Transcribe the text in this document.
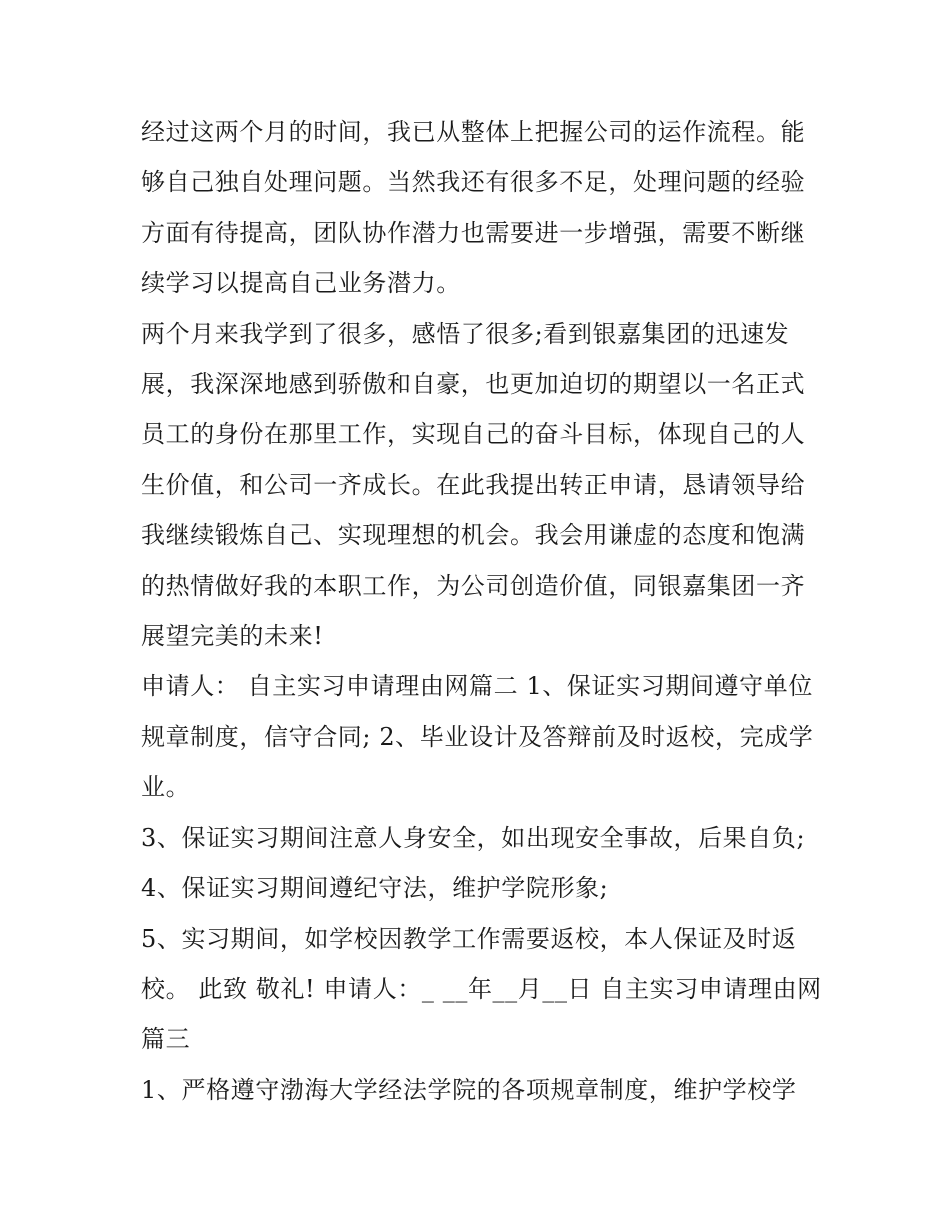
经过这两个月的时间，我已从整体上把握公司的运作流程。能
够自己独自处理问题。当然我还有很多不足，处理问题的经验
方面有待提高，团队协作潜力也需要进一步增强，需要不断继
续学习以提高自己业务潜力。

两个月来我学到了很多，感悟了很多;看到银嘉集团的迅速发
展，我深深地感到骄傲和自豪，也更加迫切的期望以一名正式
员工的身份在那里工作，实现自己的奋斗目标，体现自己的人
生价值，和公司一齐成长。在此我提出转正申请，恳请领导给
我继续锻炼自己、实现理想的机会。我会用谦虚的态度和饱满
的热情做好我的本职工作，为公司创造价值，同银嘉集团一齐
展望完美的未来!

申请人： 自主实习申请理由网篇二 1、保证实习期间遵守单位
规章制度，信守合同; 2、毕业设计及答辩前及时返校，完成学
业。

3、保证实习期间注意人身安全，如出现安全事故，后果自负;

4、保证实习期间遵纪守法，维护学院形象;

5、实习期间，如学校因教学工作需要返校，本人保证及时返
校。 此致 敬礼! 申请人：_ __年__月__日 自主实习申请理由网
篇三

1、严格遵守渤海大学经法学院的各项规章制度，维护学校学
